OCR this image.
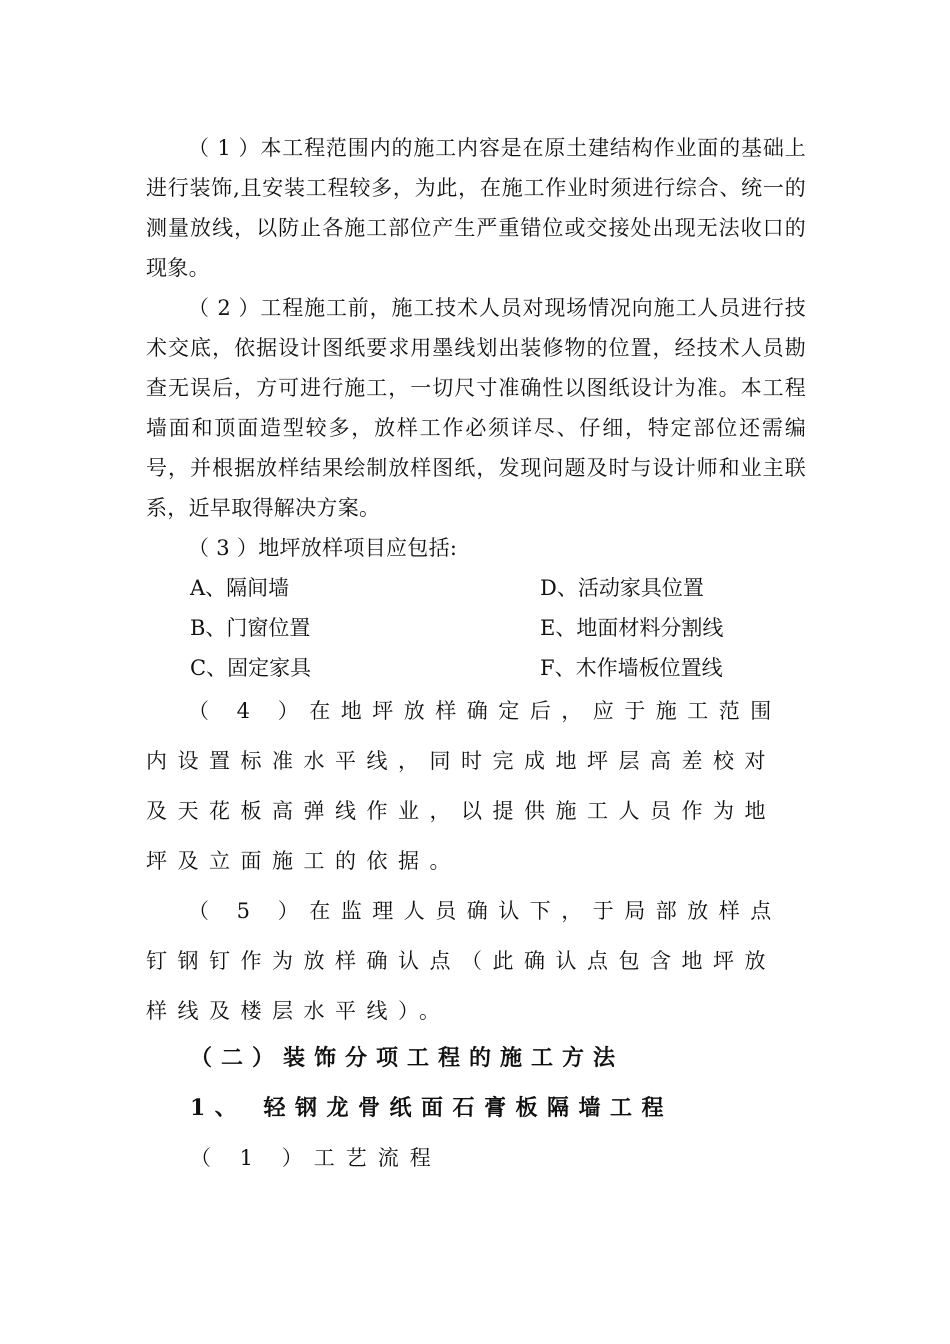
（ 1 ）本工程范围内的施工内容是在原土建结构作业面的基础上进行装饰,且安装工程较多，为此，在施工作业时须进行综合、统一的测量放线，以防止各施工部位产生严重错位或交接处出现无法收口的现象。

（ 2 ）工程施工前，施工技术人员对现场情况向施工人员进行技术交底，依据设计图纸要求用墨线划出装修物的位置，经技术人员勘查无误后，方可进行施工，一切尺寸准确性以图纸设计为准。本工程墙面和顶面造型较多，放样工作必须详尽、仔细，特定部位还需编号，并根据放样结果绘制放样图纸，发现问题及时与设计师和业主联系，近早取得解决方案。

（ 3 ）地坪放样项目应包括:

A、隔间墙	D、活动家具位置
B、门窗位置	E、地面材料分割线
C、固定家具	F、木作墙板位置线

（ 4 ）在地坪放样确定后，应于施工范围内设置标准水平线，同时完成地坪层高差校对及天花板高弹线作业，以提供施工人员作为地坪及立面施工的依据。

（ 5 ）在监理人员确认下，于局部放样点钉钢钉作为放样确认点（此确认点包含地坪放样线及楼层水平线）。

（二）装饰分项工程的施工方法
1、 轻钢龙骨纸面石膏板隔墙工程

（ 1 ）工艺流程
